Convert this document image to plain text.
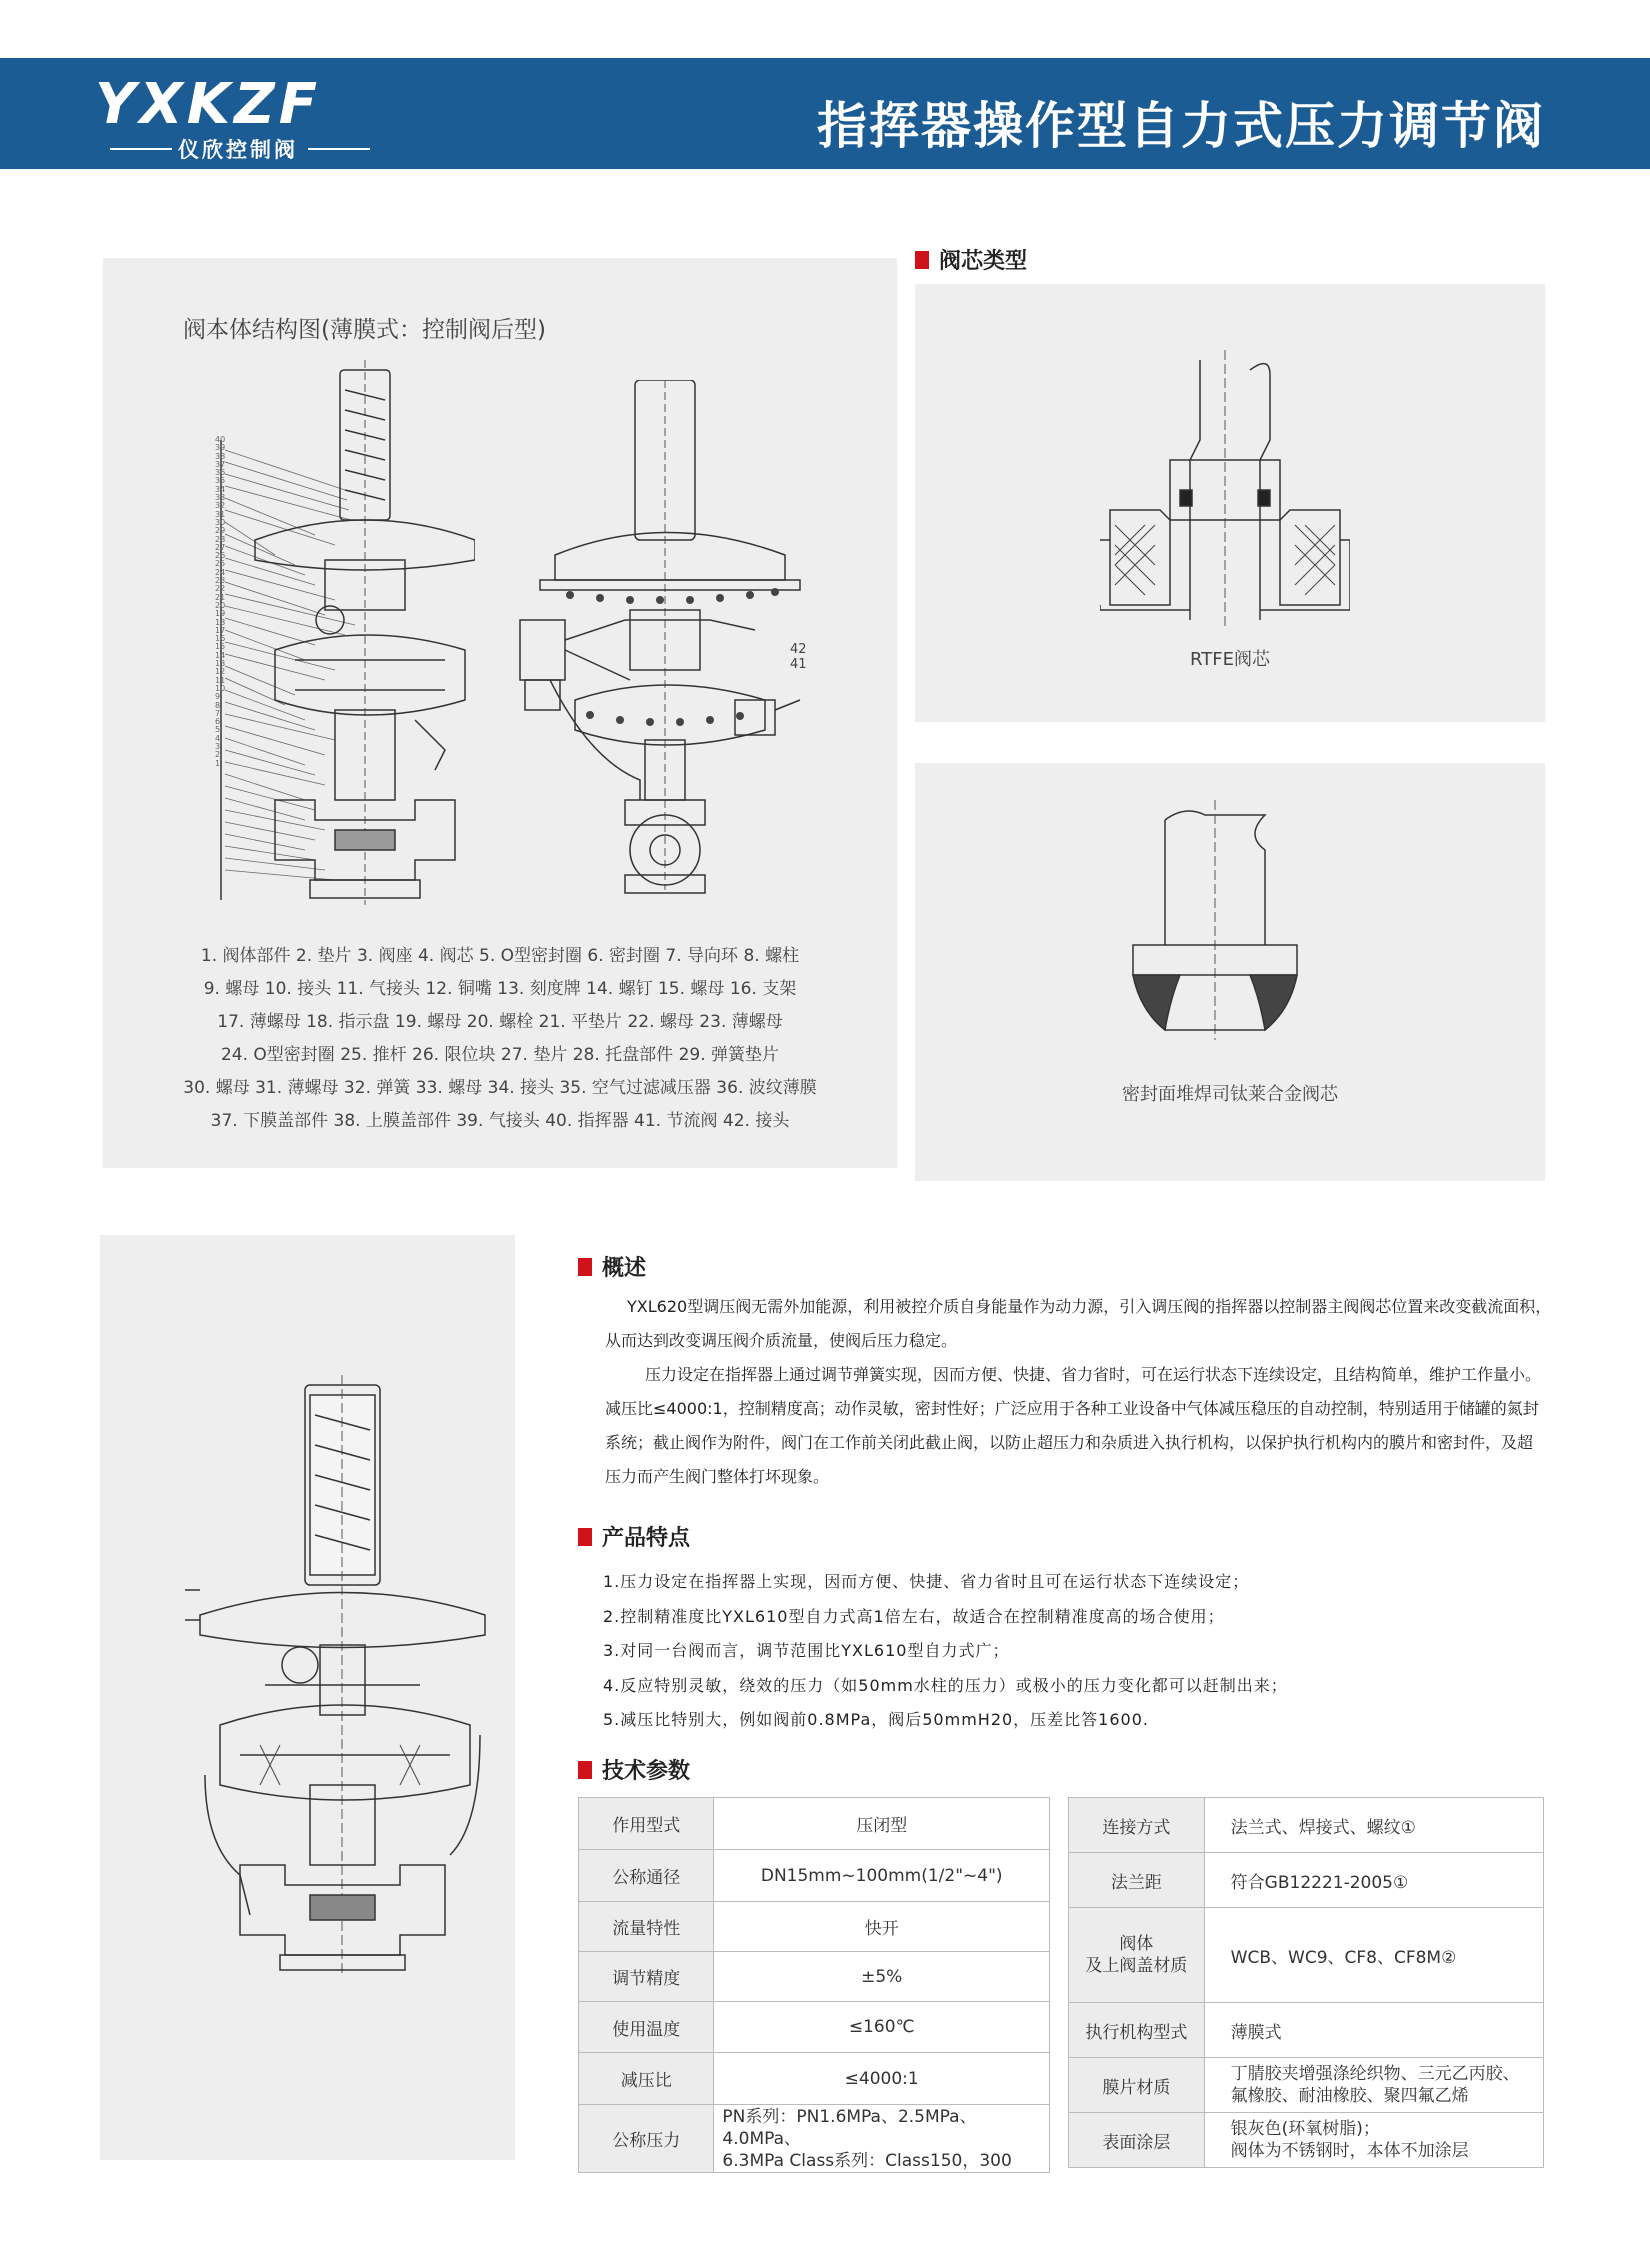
YXKZF
仪欣控制阀	指挥器操作型自力式压力调节阀
阀本体结构图(薄膜式：控制阀后型)
40
39
38
37
36
35
34
33
32
31
30
29
28
27
26
25
24
23
22
21
20
19
18
17
16
15
14
13
12
11
10
9
8
7
6
5
4
3
2
1
42
41
1. 阀体部件 2. 垫片 3. 阀座 4. 阀芯 5. O型密封圈 6. 密封圈 7. 导向环 8. 螺柱
9. 螺母 10. 接头 11. 气接头 12. 铜嘴 13. 刻度牌 14. 螺钉 15. 螺母 16. 支架
17. 薄螺母 18. 指示盘 19. 螺母 20. 螺栓 21. 平垫片 22. 螺母 23. 薄螺母
24. O型密封圈 25. 推杆 26. 限位块 27. 垫片 28. 托盘部件 29. 弹簧垫片
30. 螺母 31. 薄螺母 32. 弹簧 33. 螺母 34. 接头 35. 空气过滤减压器 36. 波纹薄膜
37. 下膜盖部件 38. 上膜盖部件 39. 气接头 40. 指挥器 41. 节流阀 42. 接头
阀芯类型
RTFE阀芯
密封面堆焊司钛莱合金阀芯
概述
YXL620型调压阀无需外加能源，利用被控介质自身能量作为动力源，引入调压阀的指挥器以控制器主阀阀芯位置来改变截流面积，
从而达到改变调压阀介质流量，使阀后压力稳定。
压力设定在指挥器上通过调节弹簧实现，因而方便、快捷、省力省时，可在运行状态下连续设定，且结构简单，维护工作量小。
减压比≤4000:1，控制精度高；动作灵敏，密封性好；广泛应用于各种工业设备中气体减压稳压的自动控制，特别适用于储罐的氮封
系统；截止阀作为附件，阀门在工作前关闭此截止阀，以防止超压力和杂质进入执行机构，以保护执行机构内的膜片和密封件，及超
压力而产生阀门整体打坏现象。
产品特点
1.压力设定在指挥器上实现，因而方便、快捷、省力省时且可在运行状态下连续设定；
2.控制精准度比YXL610型自力式高1倍左右，故适合在控制精准度高的场合使用；
3.对同一台阀而言，调节范围比YXL610型自力式广；
4.反应特别灵敏，绕效的压力（如50mm水柱的压力）或极小的压力变化都可以赶制出来；
5.减压比特别大，例如阀前0.8MPa，阀后50mmH20，压差比答1600.
技术参数
作用型式	压闭型
公称通径	DN15mm~100mm(1/2"~4")
流量特性	快开
调节精度	±5%
使用温度	≤160℃
减压比	≤4000:1
公称压力	PN系列：PN1.6MPa、2.5MPa、4.0MPa、
6.3MPa Class系列：Class150，300
连接方式	法兰式、焊接式、螺纹①
法兰距	符合GB12221-2005①

阀体
及上阀盖材质	WCB、WC9、CF8、CF8M②
执行机构型式	薄膜式
膜片材质	丁腈胶夹增强涤纶织物、三元乙丙胶、
氟橡胶、耐油橡胶、聚四氟乙烯

表面涂层	银灰色(环氧树脂)；
阀体为不锈钢时，本体不加涂层
